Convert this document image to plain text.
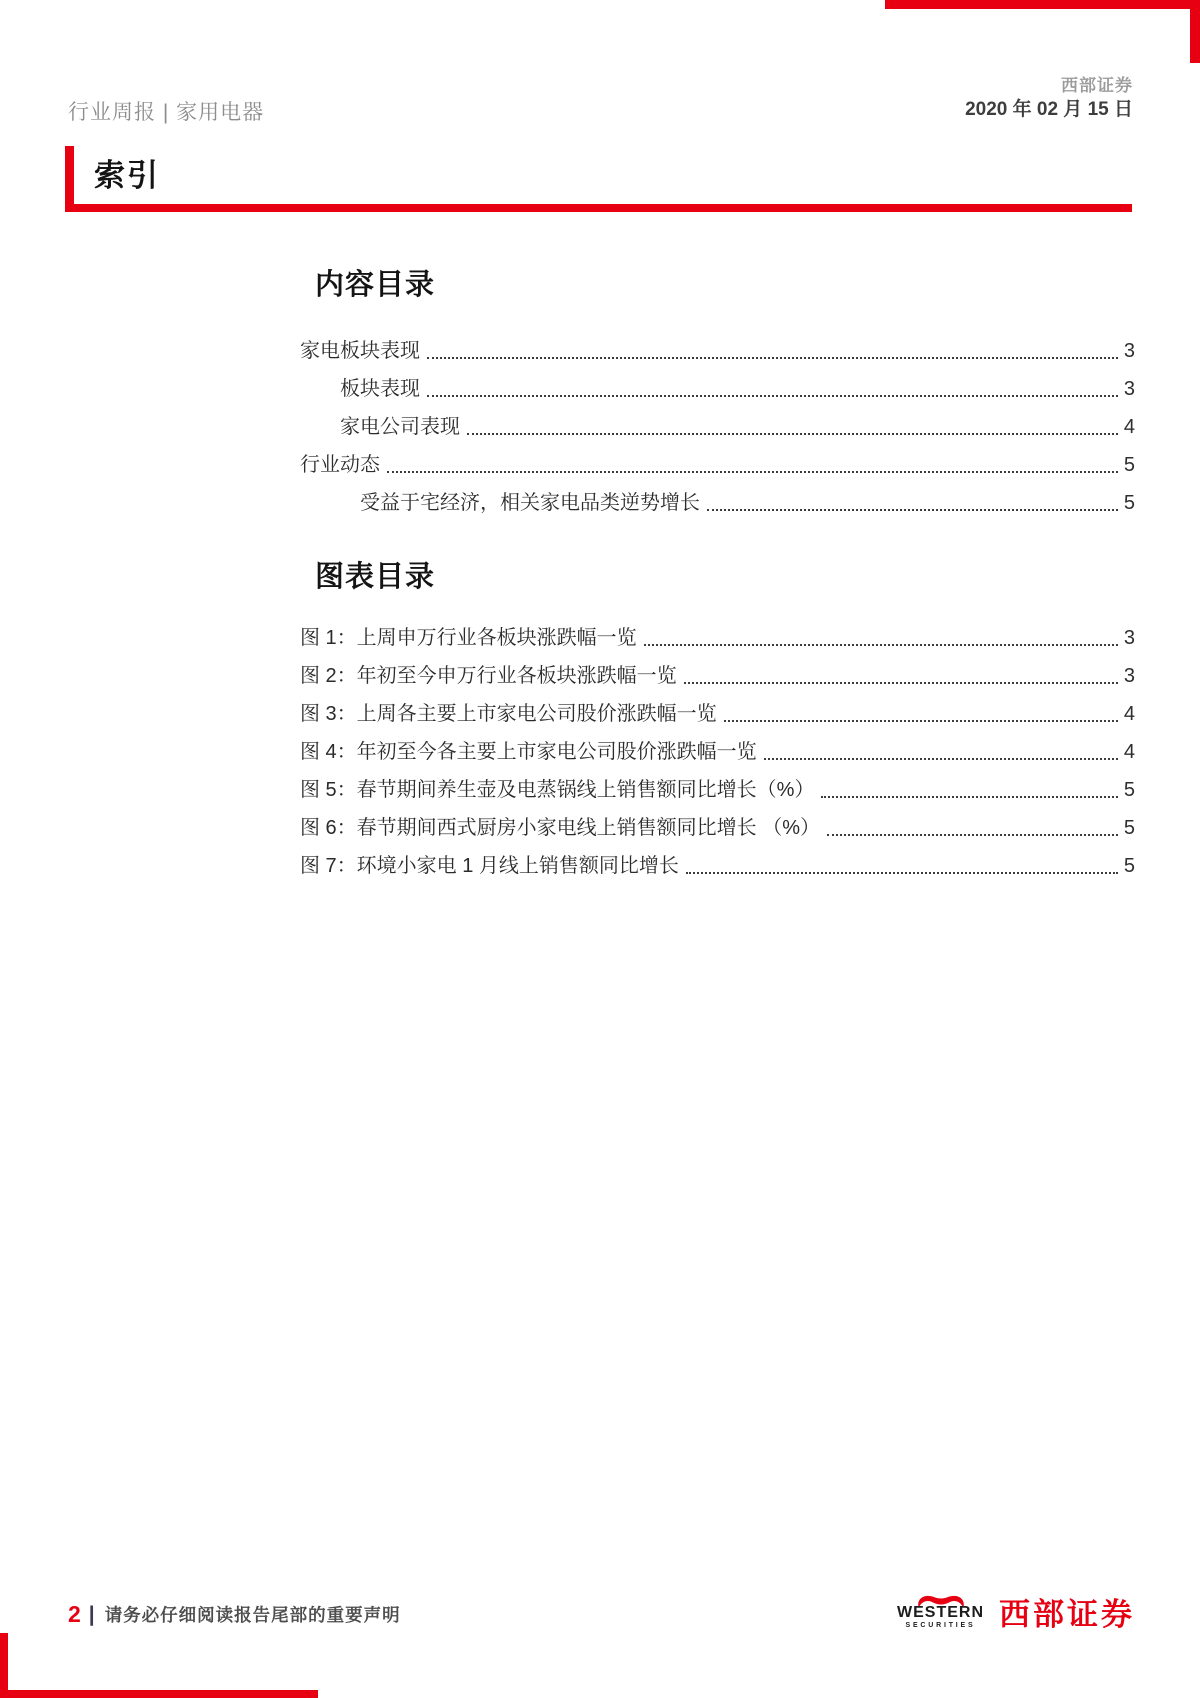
西部证券
2020 年 02 月 15 日
行业周报 | 家用电器
索引
内容目录
家电板块表现	3
板块表现	3
家电公司表现	4
行业动态	5
受益于宅经济，相关家电品类逆势增长	5
图表目录
图 1：上周申万行业各板块涨跌幅一览	3
图 2：年初至今申万行业各板块涨跌幅一览	3
图 3：上周各主要上市家电公司股价涨跌幅一览	4
图 4：年初至今各主要上市家电公司股价涨跌幅一览	4
图 5：春节期间养生壶及电蒸锅线上销售额同比增长（%）	5
图 6：春节期间西式厨房小家电线上销售额同比增长 （%）	5
图 7：环境小家电 1 月线上销售额同比增长	5
2 | 请务必仔细阅读报告尾部的重要声明	WESTERN
SECURITIES 西部证券
